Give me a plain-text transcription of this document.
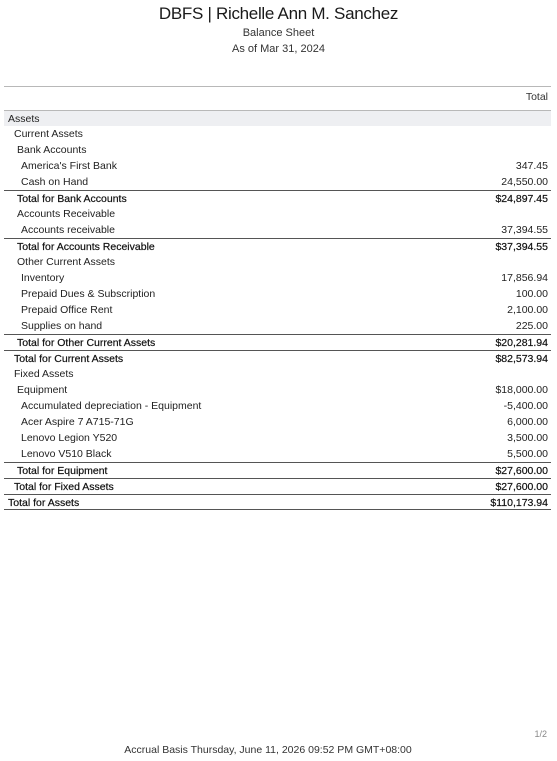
DBFS | Richelle Ann M. Sanchez
Balance Sheet
As of Mar 31, 2024
Total
Assets
Current Assets
Bank Accounts
America's First Bank	347.45
Cash on Hand	24,550.00
Total for Bank Accounts	$24,897.45
Accounts Receivable
Accounts receivable	37,394.55
Total for Accounts Receivable	$37,394.55
Other Current Assets
Inventory	17,856.94
Prepaid Dues & Subscription	100.00
Prepaid Office Rent	2,100.00
Supplies on hand	225.00
Total for Other Current Assets	$20,281.94
Total for Current Assets	$82,573.94
Fixed Assets
Equipment	$18,000.00
Accumulated depreciation - Equipment	-5,400.00
Acer Aspire 7 A715-71G	6,000.00
Lenovo Legion Y520	3,500.00
Lenovo V510 Black	5,500.00
Total for Equipment	$27,600.00
Total for Fixed Assets	$27,600.00
Total for Assets	$110,173.94
1/2
Accrual Basis Thursday, June 11, 2026 09:52 PM GMT+08:00
